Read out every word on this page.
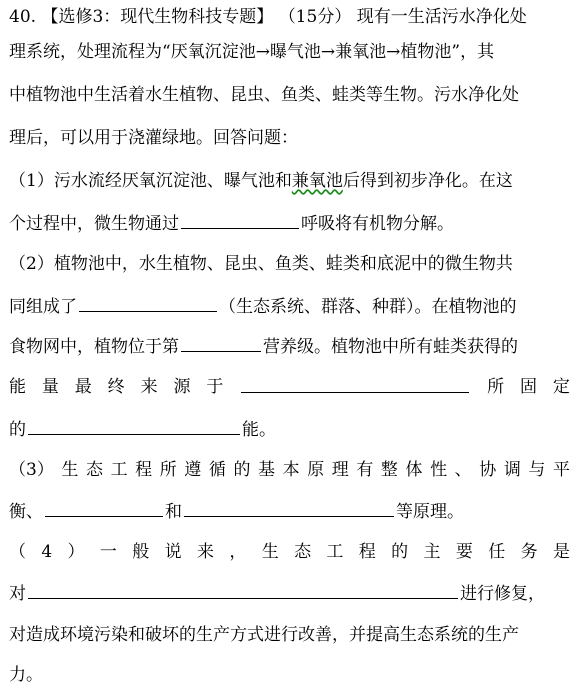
40. 【选修3：现代生物科技专题】 （15分） 现有一生活污水净化处
理系统，处理流程为“厌氧沉淀池→曝气池→兼氧池→植物池”，其
中植物池中生活着水生植物、昆虫、鱼类、蛙类等生物。污水净化处
理后，可以用于浇灌绿地。回答问题：
（1）污水流经厌氧沉淀池、曝气池和兼氧池后得到初步净化。在这
个过程中，微生物通过	呼吸将有机物分解。
（2）植物池中，水生植物、昆虫、鱼类、蛙类和底泥中的微生物共
同组成了	（生态系统、群落、种群）。在植物池的
食物网中，植物位于第	营养级。植物池中所有蛙类获得的
能 量 最 终 来 源 于	所 固 定
的	能。
（3） 生 态 工 程 所 遵 循 的 基 本 原 理 有 整 体 性 、 协 调 与 平
衡、	和	等原理。
（ 4 ） 一 般 说 来 ， 生 态 工 程 的 主 要 任 务 是
对	进行修复，
对造成环境污染和破坏的生产方式进行改善，并提高生态系统的生产
力。
